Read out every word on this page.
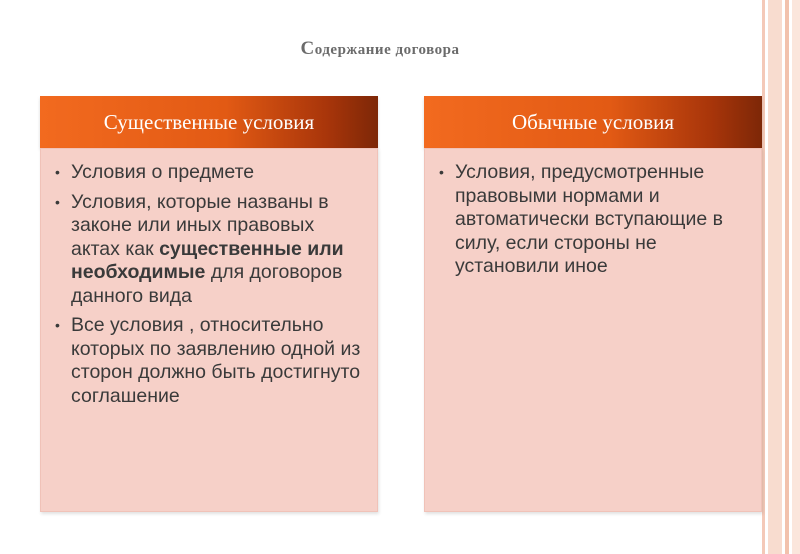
Содержание договора
Существенные условия
• Условия о предмете
• Условия, которые названы в законе или иных правовых актах как существенные или необходимые для договоров данного вида
• Все условия , относительно которых по заявлению одной из сторон должно быть достигнуто соглашение
Обычные условия
• Условия, предусмотренные правовыми нормами и автоматически вступающие в силу, если стороны не установили иное
